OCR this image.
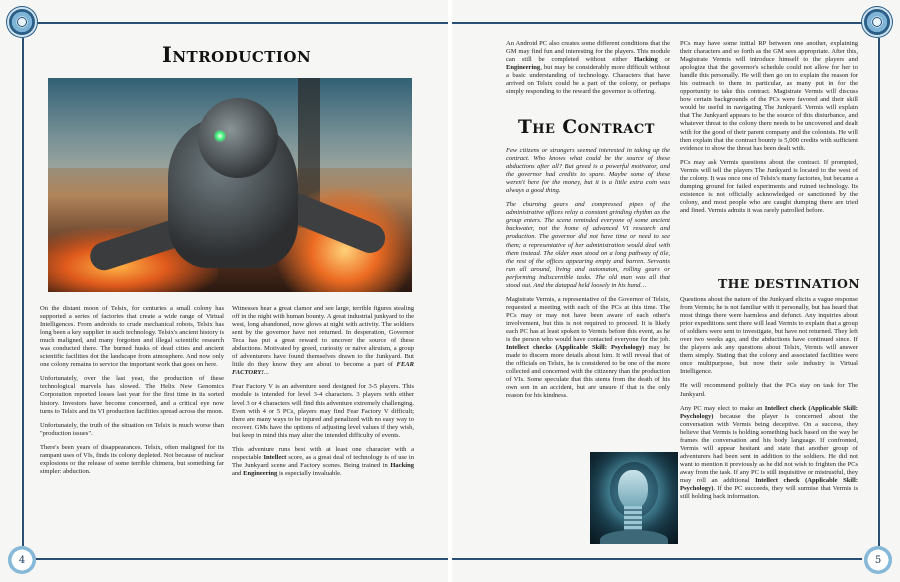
4
Introduction

On the distant moon of Telsix, for centuries a small colony has supported a series of factories that create a wide range of Virtual Intelligences. From androids to crude mechanical robots, Telsix has long been a key supplier in such technology. Telsix's ancient history is much maligned, and many forgotten and illegal scientific research was conducted there. The burned husks of dead cities and ancient scientific facilities dot the landscape from atmosphere. And now only one colony remains to service the important work that goes on here.

Unfortunately, over the last year, the production of these technological marvels has slowed. The Helix New Genomics Corporation reported losses last year for the first time in its sorted history. Investors have become concerned, and a critical eye now turns to Telsix and its VI production facilities spread across the moon.

Unfortunately, the truth of the situation on Telsix is much worse than "production issues".

There's been years of disappearances. Telsix, often maligned for its rampant uses of VIs, finds its colony depleted. Not because of nuclear explosions or the release of some terrible chimera, but something far simpler: abduction.

Witnesses hear a great clamor and see large, terrible figures stealing off in the night with human bounty. A great industrial junkyard to the west, long abandoned, now glows at night with activity. The soldiers sent by the governor have not returned. In desperation, Governor Teca has put a great reward to uncover the source of these abductions. Motivated by greed, curiosity or naïve altruism, a group of adventurers have found themselves drawn to the Junkyard. But little do they know they are about to become a part of FEAR FACTORY!...

Fear Factory V is an adventure seed designed for 3-5 players. This module is intended for level 3-4 characters. 3 players with either level 3 or 4 characters will find this adventure extremely challenging. Even with 4 or 5 PCs, players may find Fear Factory V difficult; there are many ways to be injured and penalized with no easy way to recover. GMs have the options of adjusting level values if they wish, but keep in mind this may alter the intended difficulty of events.

This adventure runs best with at least one character with a respectable Intellect score, as a great deal of technology is of use in The Junkyard scene and Factory scenes. Being trained in Hacking and Engineering is especially invaluable.

5

An Android PC also creates some different conditions that the GM may find fun and interesting for the players. This module can still be completed without either Hacking or Engineering, but may be considerably more difficult without a basic understanding of technology. Characters that have arrived on Telsix could be a part of the colony, or perhaps simply responding to the reward the governor is offering.

The Contract

Few citizens or strangers seemed interested in taking up the contract. Who knows what could be the source of these abductions after all? But greed is a powerful motivator, and the governor had credits to spare. Maybe some of these weren't here for the money, but it is a little extra coin was always a good thing.

The churning gears and compressed pipes of the administrative offices relay a constant grinding rhythm as the group enters. The scene reminded everyone of some ancient backwater, not the home of advanced VI research and production. The governor did not have time or need to see them; a representative of her administration would deal with them instead. The older man stood on a long pathway of tile, the rest of the offices appearing empty and barren. Servants run all around, living and automaton, rolling gears or performing indiscernible tasks. The old man was all that stood out. And the datapad held loosely in his hand…

Magistrate Vermis, a representative of the Governor of Telsix, requested a meeting with each of the PCs at this time. The PCs may or may not have been aware of each other's involvement, but this is not required to proceed. It is likely each PC has at least spoken to Vermis before this event, as he is the person who would have contacted everyone for the job. Intellect checks (Applicable Skill: Psychology) may be made to discern more details about him. It will reveal that of the officials on Telsix, he is considered to be one of the more collected and concerned with the citizenry than the production of VIs. Some speculate that this stems from the death of his own son in an accident, but are unsure if that is the only reason for his kindness.

PCs may have some initial RP between one another, explaining their characters and so forth as the GM sees appropriate. After this, Magistrate Vermis will introduce himself to the players and apologize that the governor's schedule could not allow for her to handle this personally. He will then go on to explain the reason for his outreach to them in particular, as many put in for the opportunity to take this contract. Magistrate Vermis will discuss how certain backgrounds of the PCs were favored and their skill would be useful in navigating The Junkyard. Vermis will explain that The Junkyard appears to be the source of this disturbance, and whatever threat to the colony there needs to be uncovered and dealt with for the good of their parent company and the colonists. He will then explain that the contract bounty is 5,000 credits with sufficient evidence to show the threat has been dealt with.

PCs may ask Vermis questions about the contract. If prompted, Vermis will tell the players The Junkyard is located to the west of the colony. It was once one of Telsix's many factories, but became a dumping ground for failed experiments and ruined technology. Its existence is not officially acknowledged or sanctioned by the colony, and most people who are caught dumping there are tried and fined. Vermis admits it was rarely patrolled before.

THE DESTINATION

Questions about the nature of the Junkyard elicits a vague response from Vermis; he is not familiar with it personally, but has heard that most things there were harmless and defunct. Any inquiries about prior expeditions sent there will lead Vermis to explain that a group of soldiers were sent to investigate, but have not returned. They left over two weeks ago, and the abductions have continued since. If the players ask any questions about Telsix, Vermis will answer them simply. Stating that the colony and associated facilities were once multipurpose, but now their sole industry is Virtual Intelligence.

He will recommend politely that the PCs stay on task for The Junkyard.

Any PC may elect to make an Intellect check (Applicable Skill: Psychology) because the player is concerned about the conversation with Vermis being deceptive. On a success, they believe that Vermis is holding something back based on the way he frames the conversation and his body language. If confronted, Vermis will appear hesitant and state that another group of adventurers had been sent in addition to the soldiers. He did not want to mention it previously as he did not wish to frighten the PCs away from the task. If any PC is still inquisitive or mistrustful, they may roll an additional Intellect check (Applicable Skill: Psychology). If the PC succeeds, they will surmise that Vermis is still holding back information.
